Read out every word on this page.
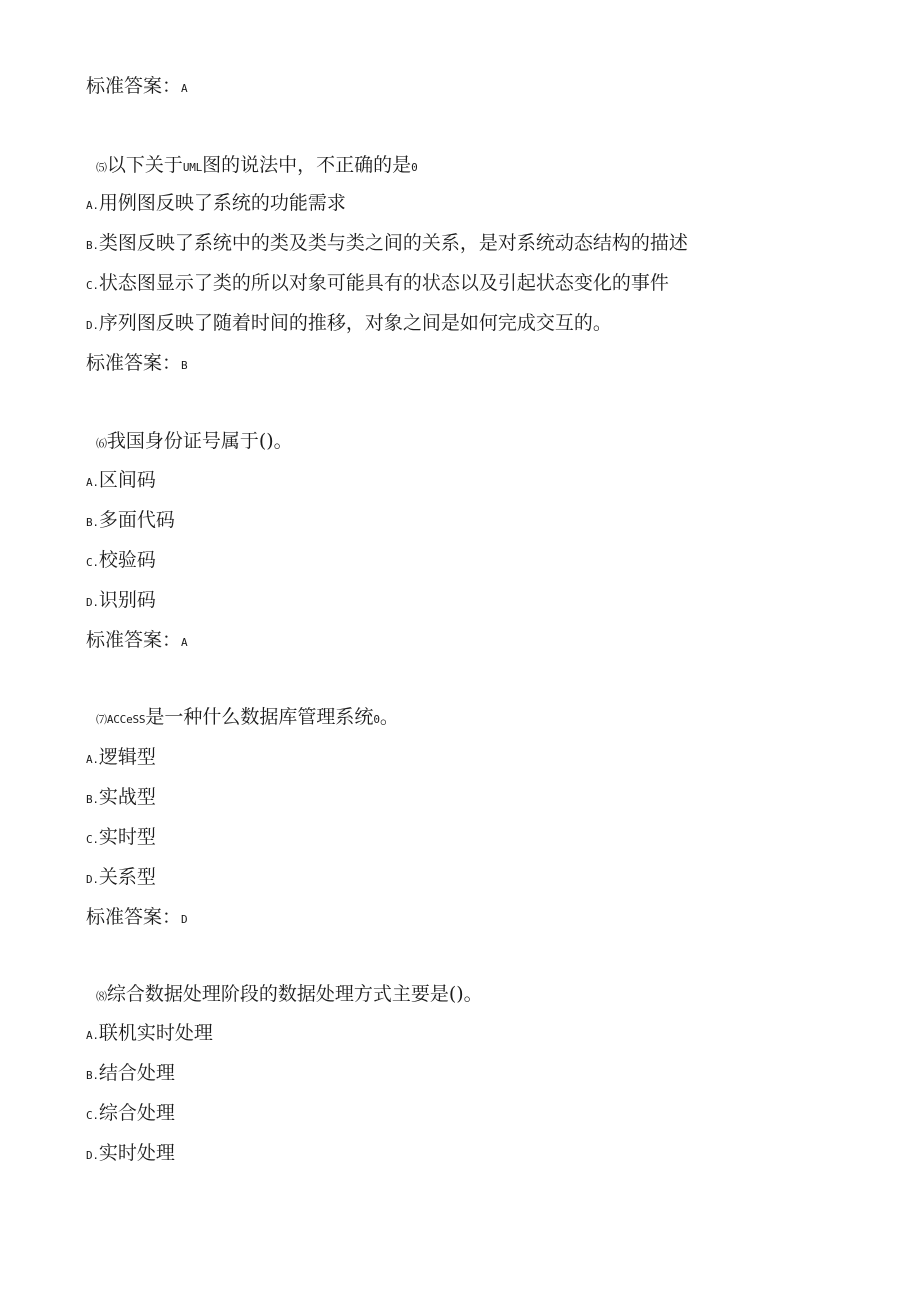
标准答案：A
⑸以下关于UML图的说法中，不正确的是0
A.用例图反映了系统的功能需求
B.类图反映了系统中的类及类与类之间的关系，是对系统动态结构的描述
C.状态图显示了类的所以对象可能具有的状态以及引起状态变化的事件
D.序列图反映了随着时间的推移，对象之间是如何完成交互的。
标准答案：B
⑹我国身份证号属于()。
A.区间码
B.多面代码
C.校验码
D.识别码
标准答案：A
⑺ACCeSS是一种什么数据库管理系统0。
A.逻辑型
B.实战型
C.实时型
D.关系型
标准答案：D
⑻综合数据处理阶段的数据处理方式主要是()。
A.联机实时处理
B.结合处理
C.综合处理
D.实时处理
